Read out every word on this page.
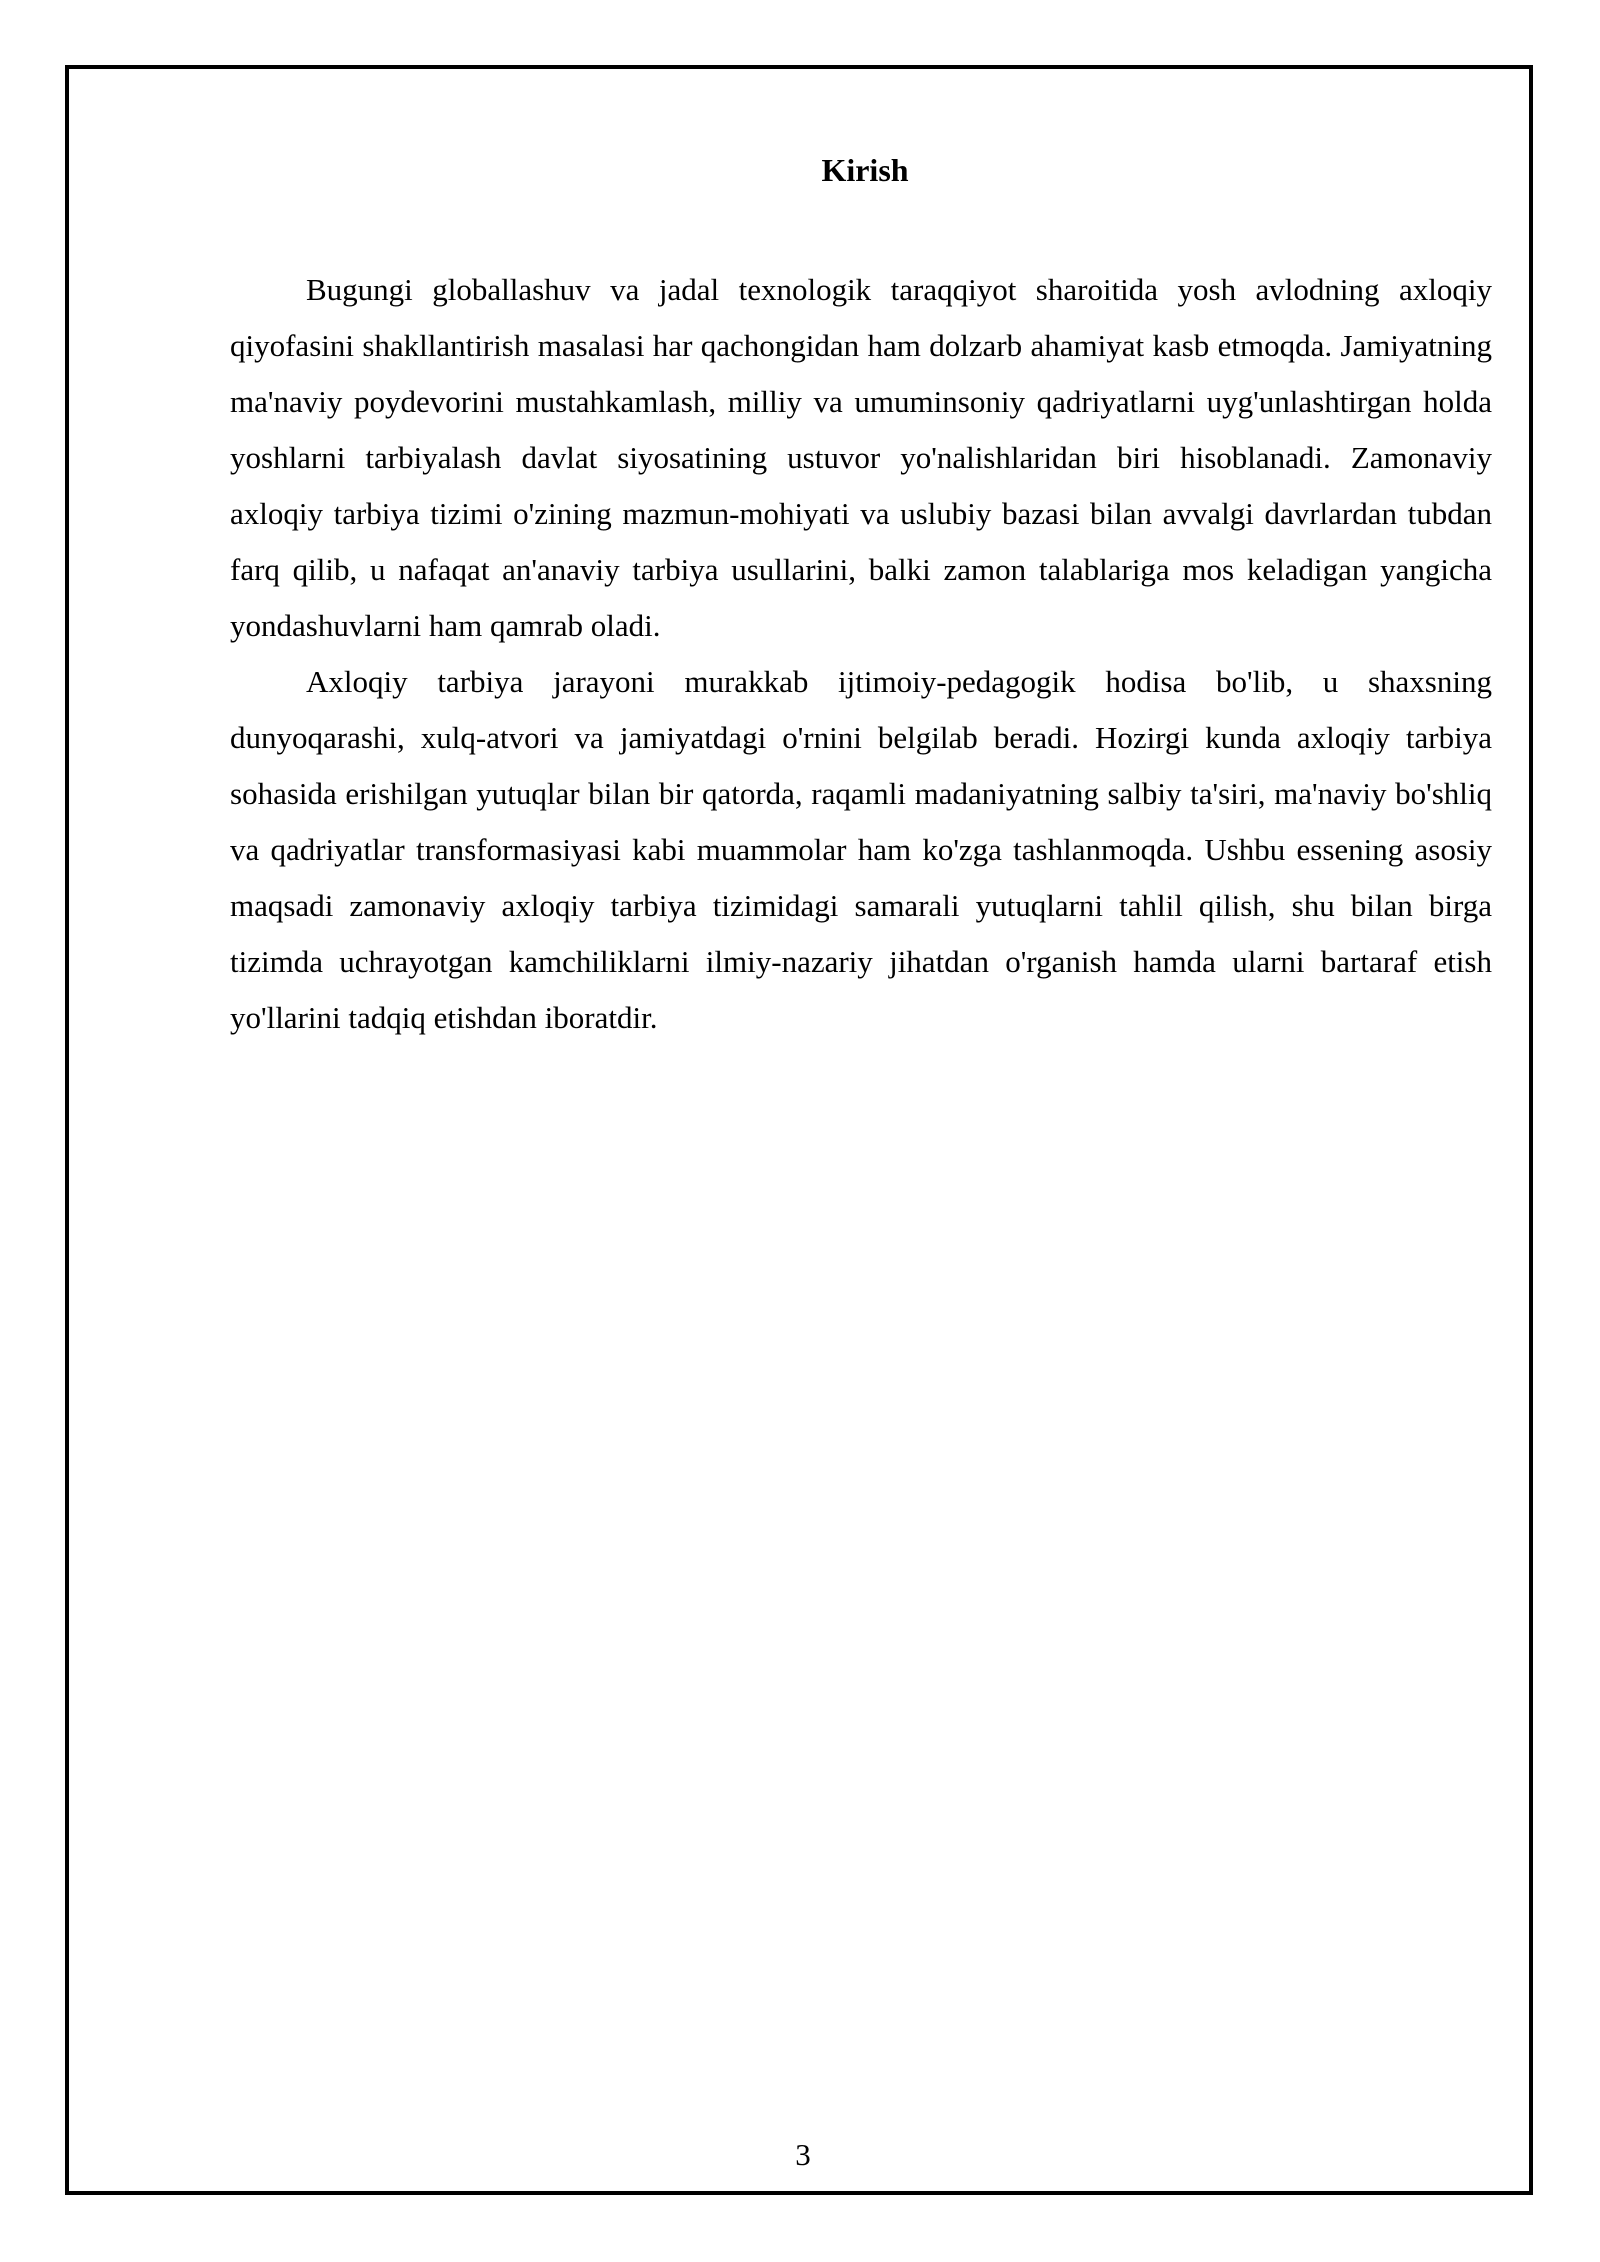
Kirish

Bugungi globallashuv va jadal texnologik taraqqiyot sharoitida yosh avlodning axloqiy qiyofasini shakllantirish masalasi har qachongidan ham dolzarb ahamiyat kasb etmoqda. Jamiyatning ma'naviy poydevorini mustahkamlash, milliy va umuminsoniy qadriyatlarni uyg'unlashtirgan holda yoshlarni tarbiyalash davlat siyosatining ustuvor yo'nalishlaridan biri hisoblanadi. Zamonaviy axloqiy tarbiya tizimi o'zining mazmun-mohiyati va uslubiy bazasi bilan avvalgi davrlardan tubdan farq qilib, u nafaqat an'anaviy tarbiya usullarini, balki zamon talablariga mos keladigan yangicha yondashuvlarni ham qamrab oladi.

Axloqiy tarbiya jarayoni murakkab ijtimoiy-pedagogik hodisa bo'lib, u shaxsning dunyoqarashi, xulq-atvori va jamiyatdagi o'rnini belgilab beradi. Hozirgi kunda axloqiy tarbiya sohasida erishilgan yutuqlar bilan bir qatorda, raqamli madaniyatning salbiy ta'siri, ma'naviy bo'shliq va qadriyatlar transformasiyasi kabi muammolar ham ko'zga tashlanmoqda. Ushbu essening asosiy maqsadi zamonaviy axloqiy tarbiya tizimidagi samarali yutuqlarni tahlil qilish, shu bilan birga tizimda uchrayotgan kamchiliklarni ilmiy-nazariy jihatdan o'rganish hamda ularni bartaraf etish yo'llarini tadqiq etishdan iboratdir.

3
